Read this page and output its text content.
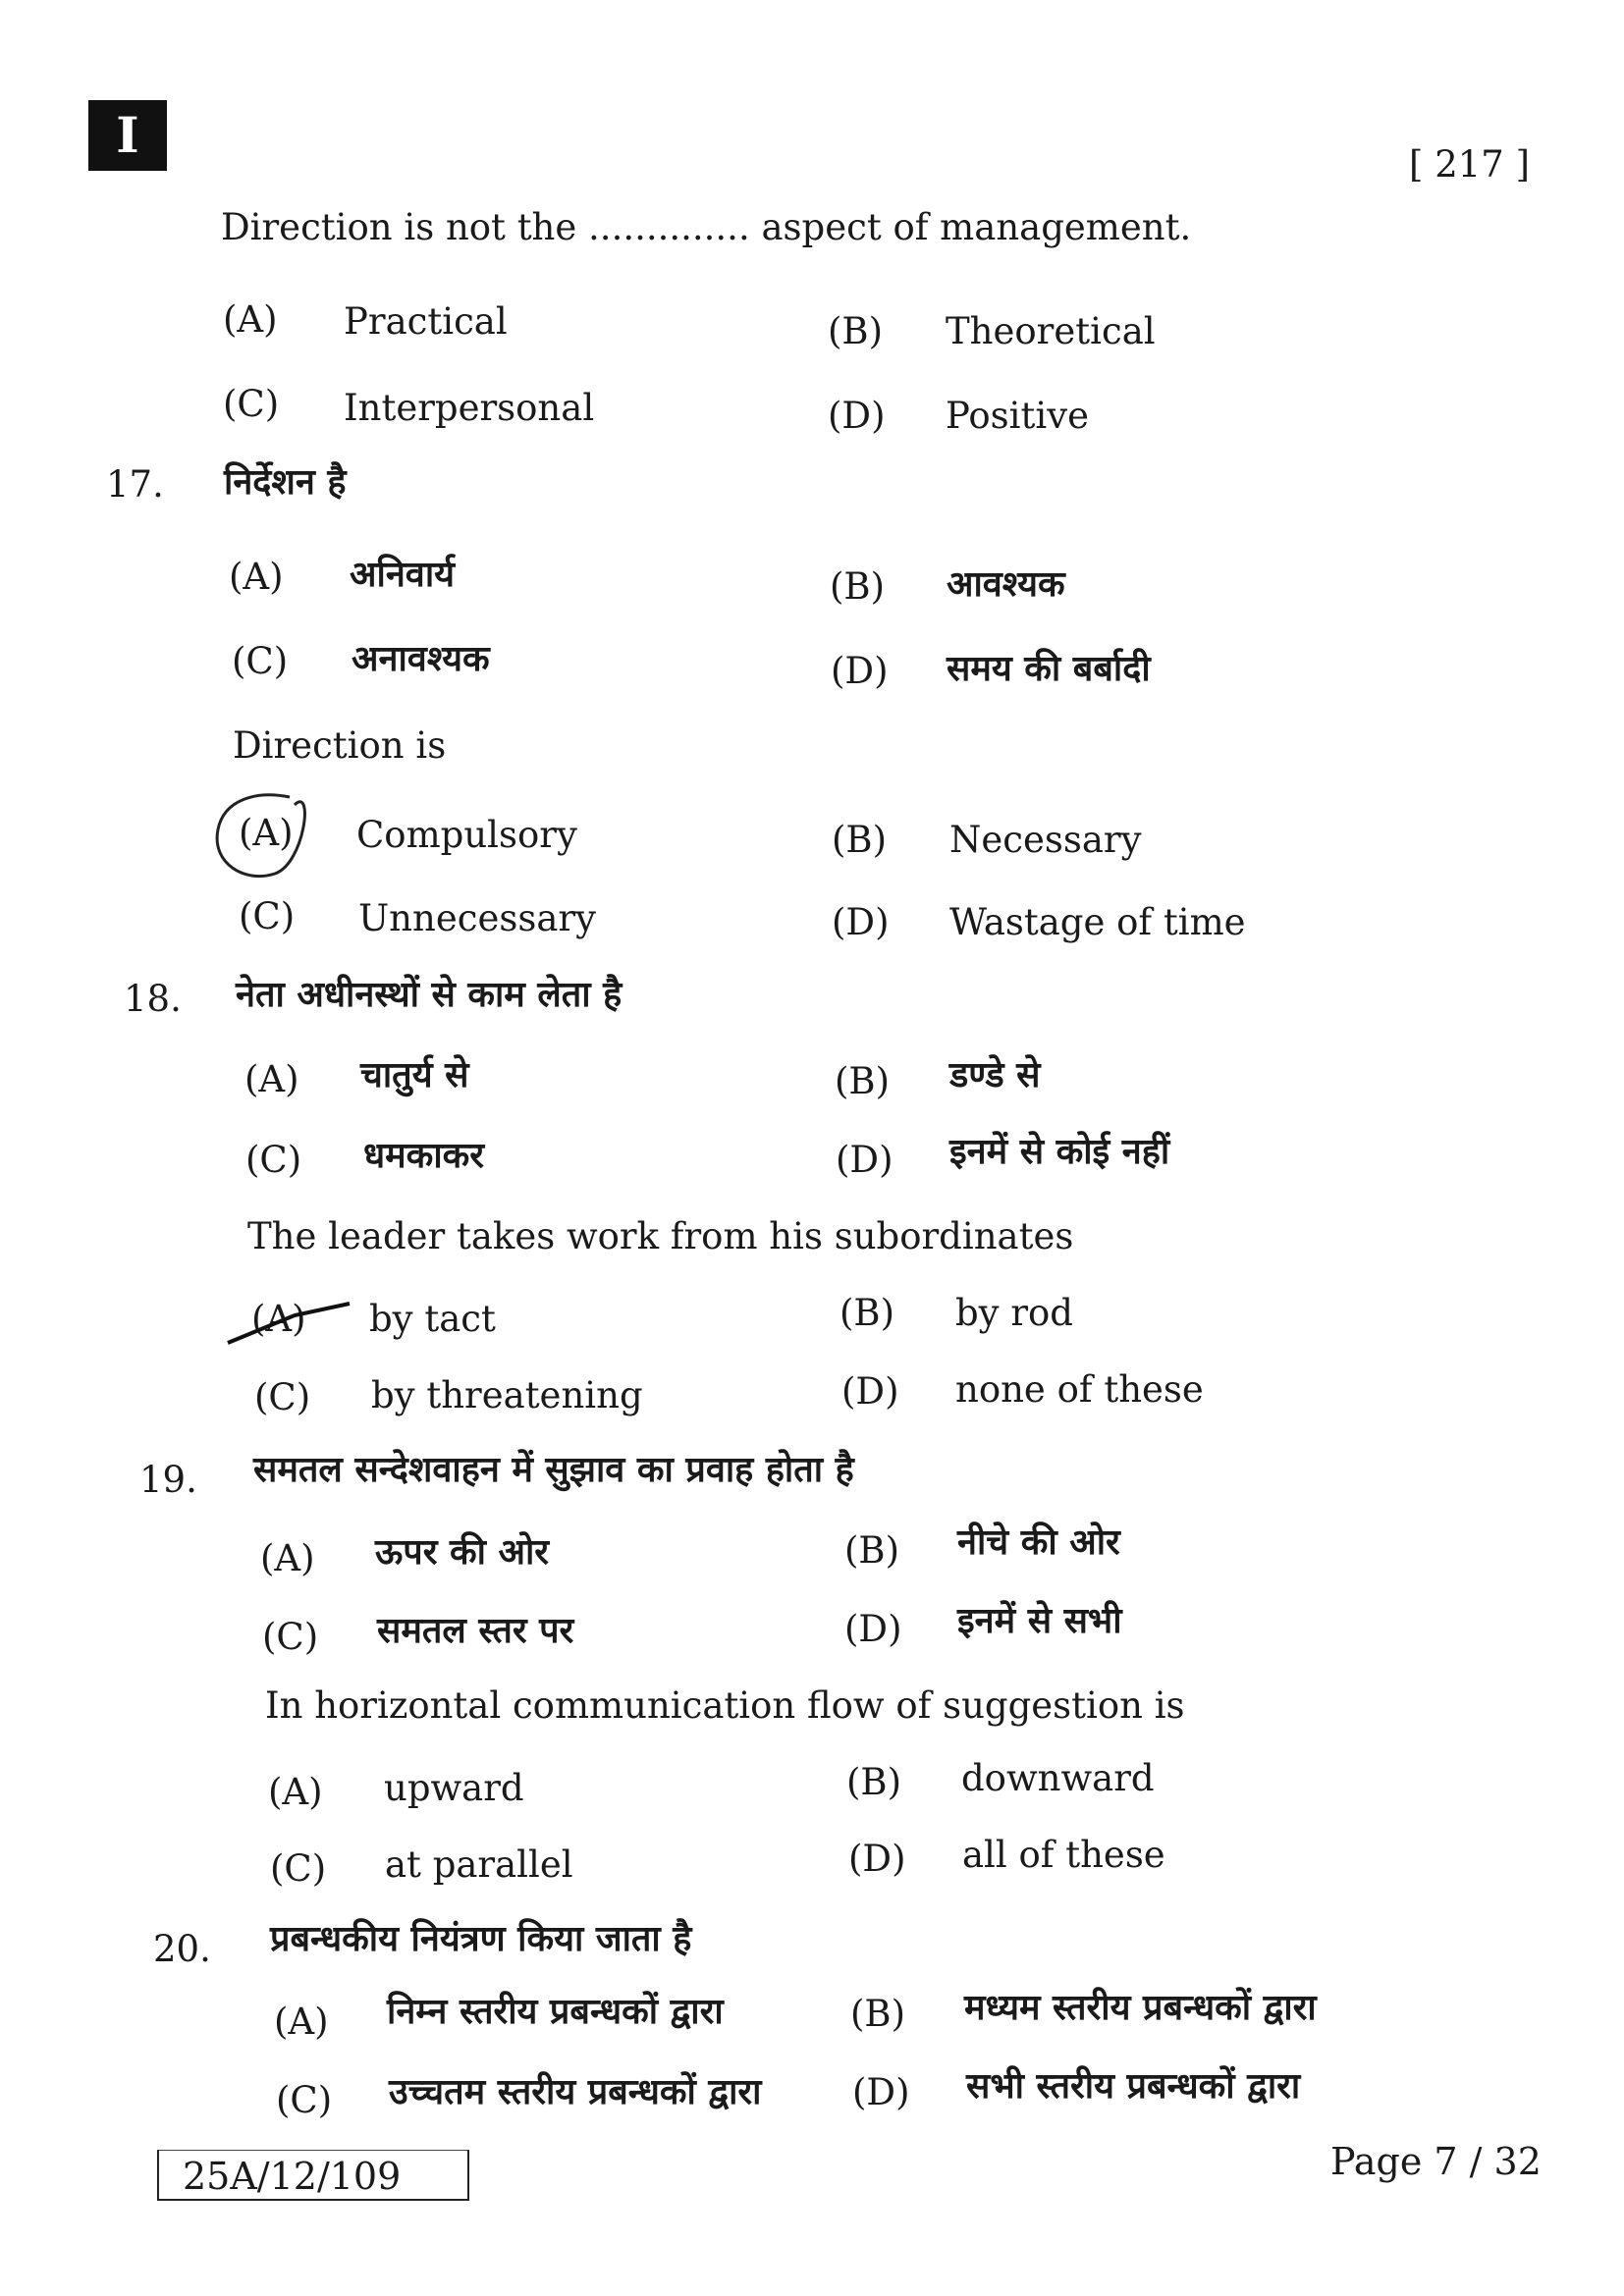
I
[ 217 ]
Direction is not the .............. aspect of management.
(A) Practical	(B) Theoretical
(C) Interpersonal	(D) Positive
17. निर्देशन है
(A) अनिवार्य	(B) आवश्यक
(C) अनावश्यक	(D) समय की बर्बादी
Direction is
(A) Compulsory	(B) Necessary
(C) Unnecessary	(D) Wastage of time
18. नेता अधीनस्थों से काम लेता है
(A) चातुर्य से	(B) डण्डे से
(C) धमकाकर	(D) इनमें से कोई नहीं
The leader takes work from his subordinates
(A) by tact	(B) by rod
(C) by threatening	(D) none of these
19. समतल सन्देशवाहन में सुझाव का प्रवाह होता है
(A) ऊपर की ओर	(B) नीचे की ओर
(C) समतल स्तर पर	(D) इनमें से सभी
In horizontal communication flow of suggestion is
(A) upward	(B) downward
(C) at parallel	(D) all of these
20. प्रबन्धकीय नियंत्रण किया जाता है
(A) निम्न स्तरीय प्रबन्धकों द्वारा	(B) मध्यम स्तरीय प्रबन्धकों द्वारा
(C) उच्चतम स्तरीय प्रबन्धकों द्वारा	(D) सभी स्तरीय प्रबन्धकों द्वारा
25A/12/109	Page 7 / 32
